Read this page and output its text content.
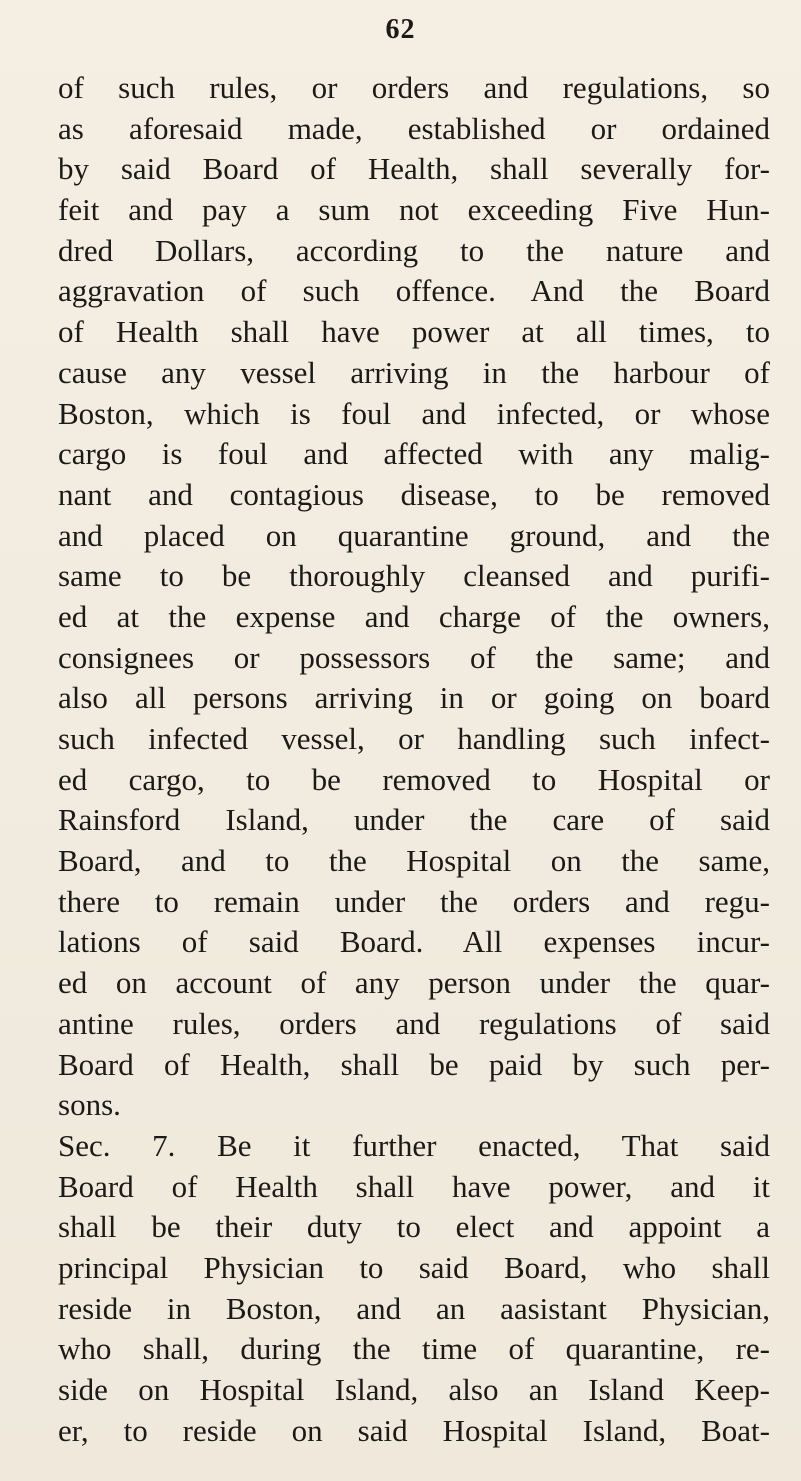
62
of such rules, or orders and regulations, so
as aforesaid made, established or ordained
by said Board of Health, shall severally for-
feit and pay a sum not exceeding Five Hun-
dred Dollars, according to the nature and
aggravation of such offence. And the Board
of Health shall have power at all times, to
cause any vessel arriving in the harbour of
Boston, which is foul and infected, or whose
cargo is foul and affected with any malig-
nant and contagious disease, to be removed
and placed on quarantine ground, and the
same to be thoroughly cleansed and purifi-
ed at the expense and charge of the owners,
consignees or possessors of the same; and
also all persons arriving in or going on board
such infected vessel, or handling such infect-
ed cargo, to be removed to Hospital or
Rainsford Island, under the care of said
Board, and to the Hospital on the same,
there to remain under the orders and regu-
lations of said Board. All expenses incur-
ed on account of any person under the quar-
antine rules, orders and regulations of said
Board of Health, shall be paid by such per-
sons.
Sec. 7. Be it further enacted, That said
Board of Health shall have power, and it
shall be their duty to elect and appoint a
principal Physician to said Board, who shall
reside in Boston, and an aasistant Physician,
who shall, during the time of quarantine, re-
side on Hospital Island, also an Island Keep-
er, to reside on said Hospital Island, Boat-
